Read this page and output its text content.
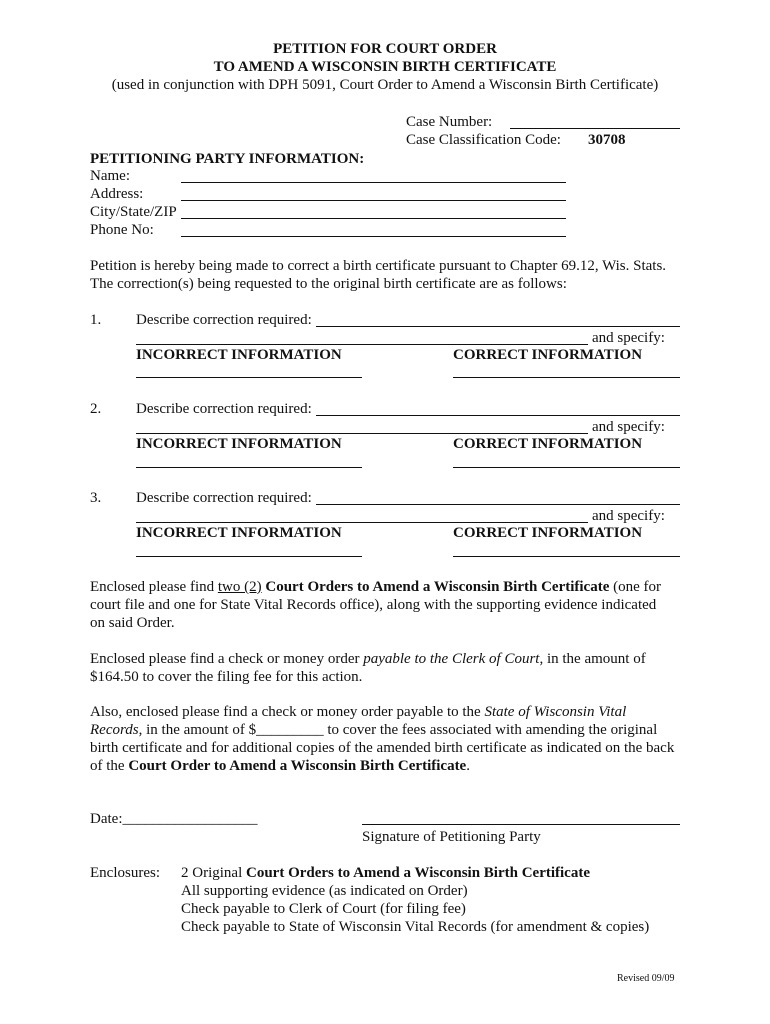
PETITION FOR COURT ORDER
TO AMEND A WISCONSIN BIRTH CERTIFICATE
(used in conjunction with DPH 5091, Court Order to Amend a Wisconsin Birth Certificate)
Case Number:
Case Classification Code: 30708
PETITIONING PARTY INFORMATION:
Name:
Address:
City/State/ZIP
Phone No:
Petition is hereby being made to correct a birth certificate pursuant to Chapter 69.12, Wis. Stats.
The correction(s) being requested to the original birth certificate are as follows:
1. Describe correction required:
and specify:
INCORRECT INFORMATION	CORRECT INFORMATION
2. Describe correction required:
and specify:
INCORRECT INFORMATION	CORRECT INFORMATION
3. Describe correction required:
and specify:
INCORRECT INFORMATION	CORRECT INFORMATION
Enclosed please find two (2) Court Orders to Amend a Wisconsin Birth Certificate (one for
court file and one for State Vital Records office), along with the supporting evidence indicated
on said Order.
Enclosed please find a check or money order payable to the Clerk of Court, in the amount of
$164.50 to cover the filing fee for this action.
Also, enclosed please find a check or money order payable to the State of Wisconsin Vital
Records, in the amount of $_________ to cover the fees associated with amending the original
birth certificate and for additional copies of the amended birth certificate as indicated on the back
of the Court Order to Amend a Wisconsin Birth Certificate.
Date:__________________
Signature of Petitioning Party
Enclosures: 2 Original Court Orders to Amend a Wisconsin Birth Certificate
All supporting evidence (as indicated on Order)
Check payable to Clerk of Court (for filing fee)
Check payable to State of Wisconsin Vital Records (for amendment & copies)
Revised 09/09
